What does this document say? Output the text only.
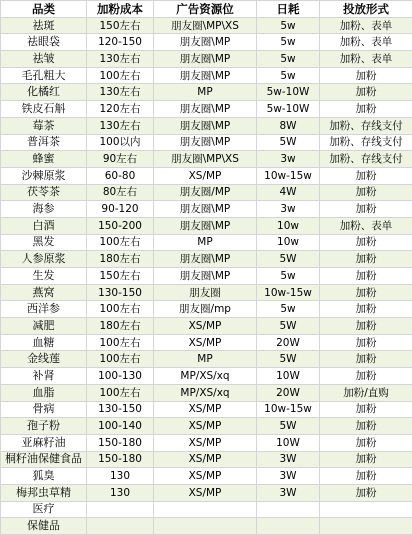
品类	加粉成本	广告资源位	日耗	投放形式
祛斑	150左右	朋友圈\MP\XS	5w	加粉、表单
祛眼袋	120-150	朋友圈\MP	5w	加粉、表单
祛皱	130左右	朋友圈\MP	5w	加粉、表单
毛孔粗大	100左右	朋友圈\MP	5w	加粉
化橘红	130左右	MP	5w-10W	加粉
铁皮石斛	120左右	朋友圈\MP	5w-10W	加粉
莓茶	130左右	朋友圈\MP	8W	加粉、存线支付
普洱茶	100以内	朋友圈\MP	5W	加粉、存线支付
蜂蜜	90左右	朋友圈\MP\XS	3w	加粉、存线支付
沙棘原浆	60-80	XS/MP	10w-15w	加粉
茯苓茶	80左右	朋友圈/MP	4W	加粉
海参	90-120	朋友圈\MP	3w	加粉
白酒	150-200	朋友圈\MP	10w	加粉、表单
黑发	100左右	MP	10w	加粉
人参原浆	180左右	朋友圈\MP	5W	加粉
生发	150左右	朋友圈\MP	5w	加粉
燕窝	130-150	朋友圈	10w-15w	加粉
西洋参	100左右	朋友圈/mp	5w	加粉
减肥	180左右	XS/MP	5W	加粉
血糖	100左右	XS/MP	20W	加粉
金线莲	100左右	MP	5W	加粉
补肾	100-130	MP/XS/xq	10W	加粉
血脂	100左右	MP/XS/xq	20W	加粉/直购
骨病	130-150	XS/MP	10w-15w	加粉
孢子粉	100-140	XS/MP	5W	加粉
亚麻籽油	150-180	XS/MP	10W	加粉
桐籽油保健食品	150-180	XS/MP	3W	加粉
狐臭	130	XS/MP	3W	加粉
梅邦虫草精	130	XS/MP	3W	加粉
医疗				
保健品				
